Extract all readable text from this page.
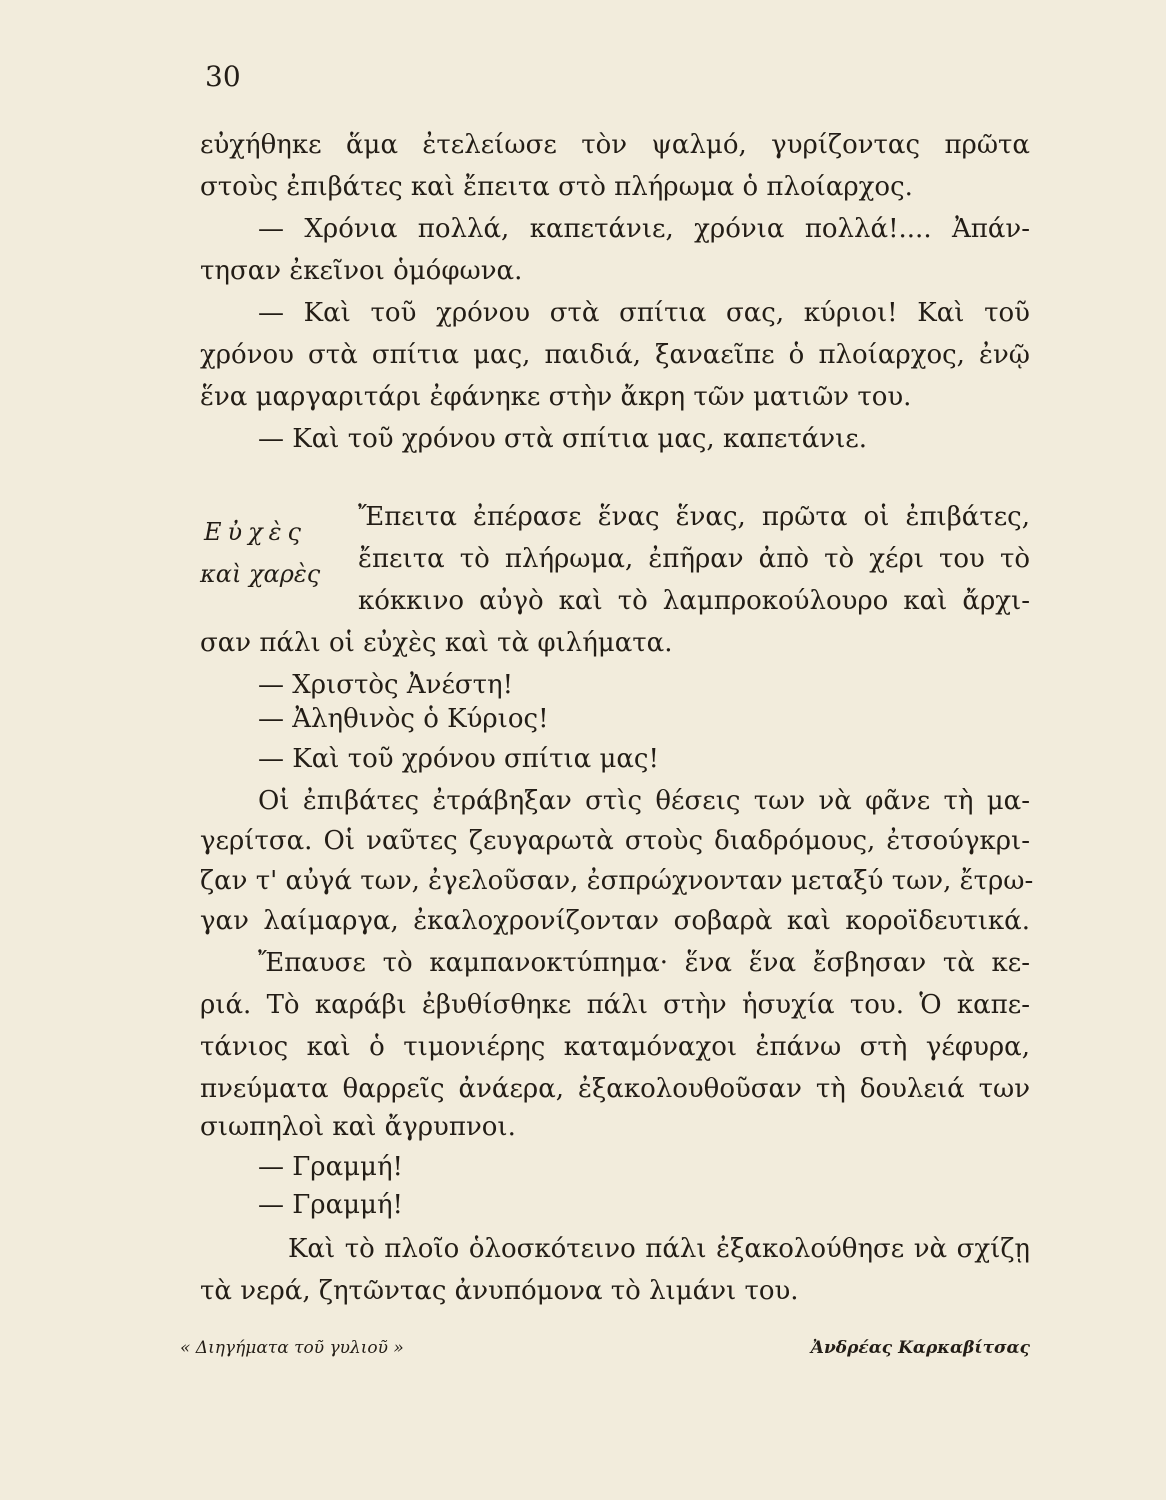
30
εὐχήθηκε ἅμα ἐτελείωσε τὸν ψαλμό, γυρίζοντας πρῶτα
στοὺς ἐπιβάτες καὶ ἔπειτα στὸ πλήρωμα ὁ πλοίαρχος.
— Χρόνια πολλά, καπετάνιε, χρόνια πολλά!.... Ἀπάν-
τησαν ἐκεῖνοι ὁμόφωνα.
— Καὶ τοῦ χρόνου στὰ σπίτια σας, κύριοι! Καὶ τοῦ
χρόνου στὰ σπίτια μας, παιδιά, ξαναεῖπε ὁ πλοίαρχος, ἐνῷ
ἕνα μαργαριτάρι ἐφάνηκε στὴν ἄκρη τῶν ματιῶν του.
— Καὶ τοῦ χρόνου στὰ σπίτια μας, καπετάνιε.
Εὐχὲς
καὶ χαρὲς
Ἔπειτα ἐπέρασε ἕνας ἕνας, πρῶτα οἱ ἐπιβάτες,
ἔπειτα τὸ πλήρωμα, ἐπῆραν ἀπὸ τὸ χέρι του τὸ
κόκκινο αὐγὸ καὶ τὸ λαμπροκούλουρο καὶ ἄρχι-
σαν πάλι οἱ εὐχὲς καὶ τὰ φιλήματα.
— Χριστὸς Ἀνέστη!
— Ἀληθινὸς ὁ Κύριος!
— Καὶ τοῦ χρόνου σπίτια μας!
Οἱ ἐπιβάτες ἐτράβηξαν στὶς θέσεις των νὰ φᾶνε τὴ μα-
γερίτσα. Οἱ ναῦτες ζευγαρωτὰ στοὺς διαδρόμους, ἐτσούγκρι-
ζαν τ' αὐγά των, ἐγελοῦσαν, ἐσπρώχνονταν μεταξύ των, ἔτρω-
γαν λαίμαργα, ἐκαλοχρονίζονταν σοβαρὰ καὶ κοροϊδευτικά.
Ἔπαυσε τὸ καμπανοκτύπημα· ἕνα ἕνα ἔσβησαν τὰ κε-
ριά. Τὸ καράβι ἐβυθίσθηκε πάλι στὴν ἡσυχία του. Ὁ καπε-
τάνιος καὶ ὁ τιμονιέρης καταμόναχοι ἐπάνω στὴ γέφυρα,
πνεύματα θαρρεῖς ἀνάερα, ἐξακολουθοῦσαν τὴ δουλειά των
σιωπηλοὶ καὶ ἄγρυπνοι.
— Γραμμή!
— Γραμμή!
Καὶ τὸ πλοῖο ὁλοσκότεινο πάλι ἐξακολούθησε νὰ σχίζῃ
τὰ νερά, ζητῶντας ἀνυπόμονα τὸ λιμάνι του.
« Διηγήματα τοῦ γυλιοῦ »	Ἀνδρέας Καρκαβίτσας
